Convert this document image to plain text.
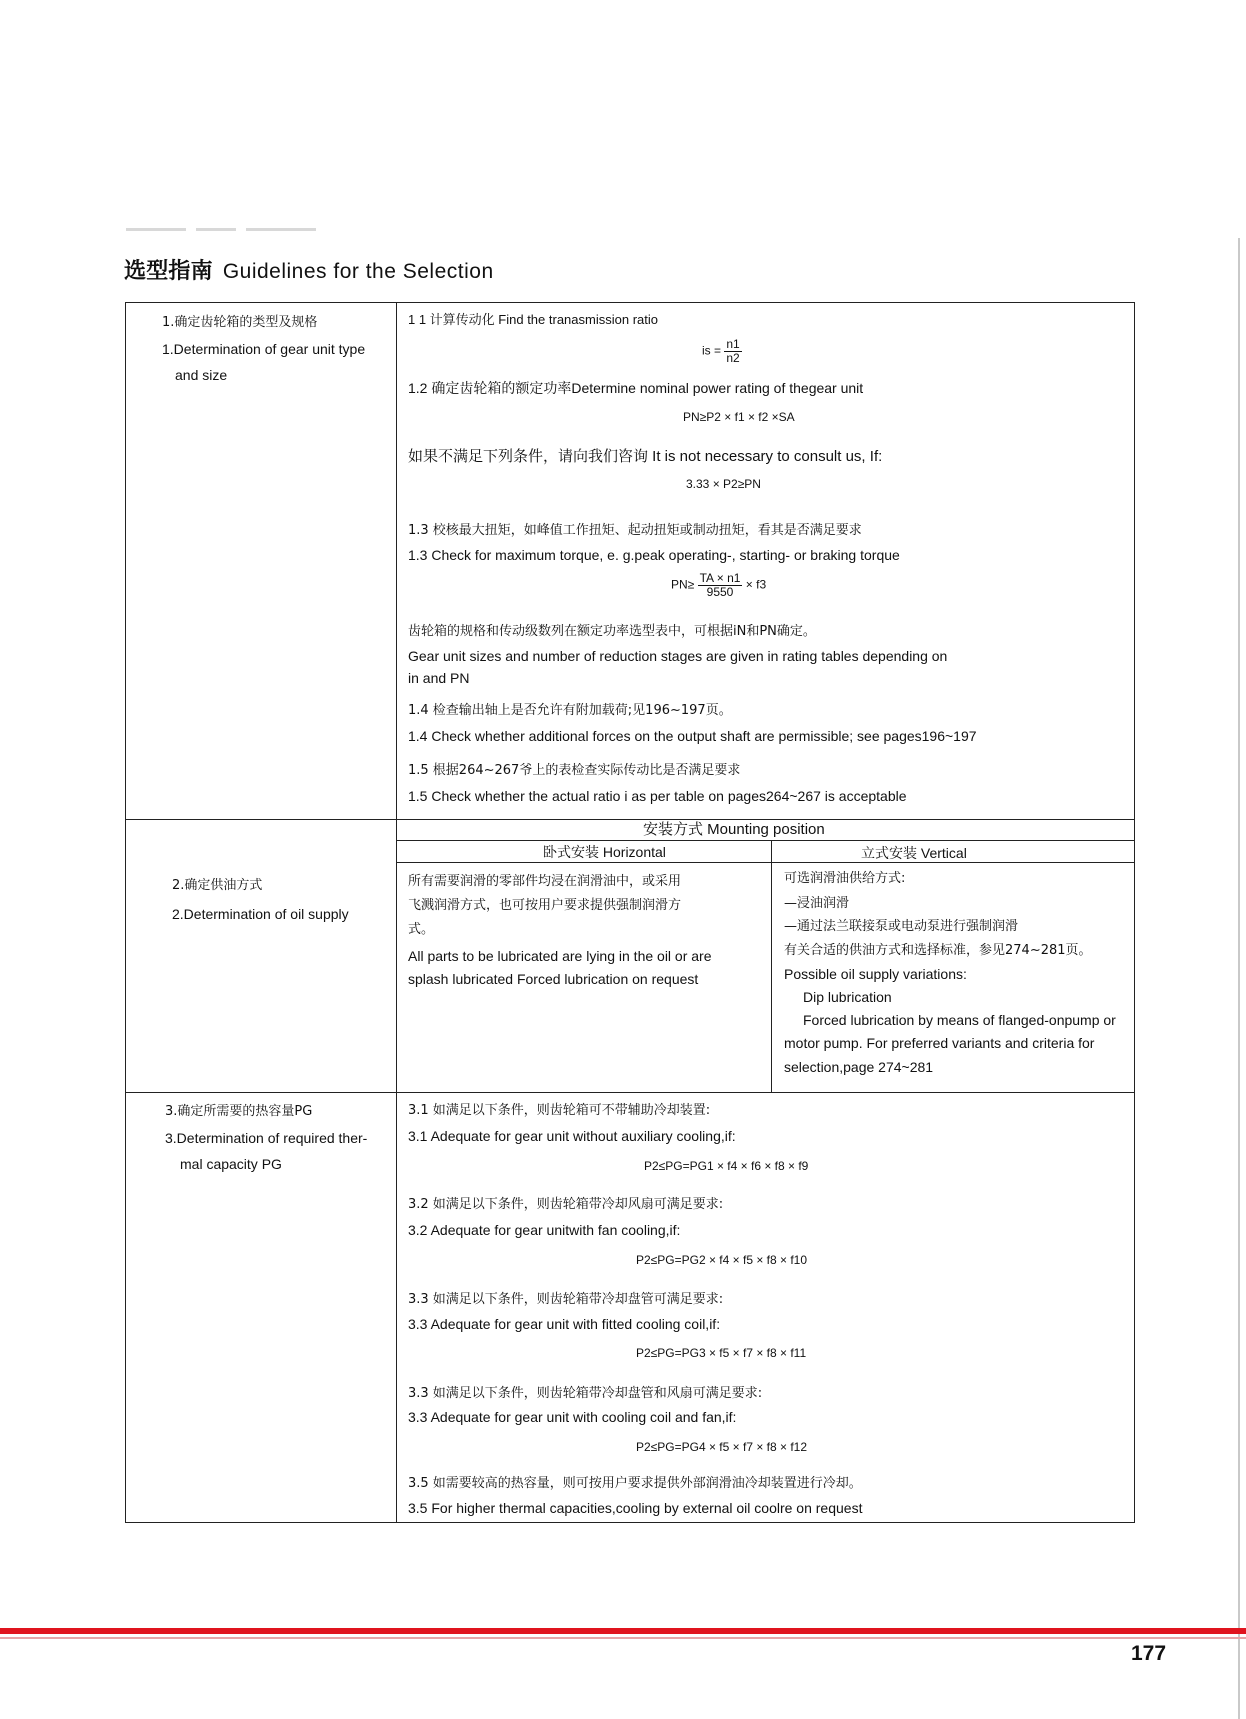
选型指南 Guidelines for the Selection
1.确定齿轮箱的类型及规格
1.Determination of gear unit type
and size
1 1 计算传动化 Find the tranasmission ratio
is = $\frac{n1}{n2}$
1.2 确定齿轮箱的额定功率Determine nominal power rating of thegear unit
PN≥P2 × f1 × f2 ×SA
如果不满足下列条件，请向我们咨询 It is not necessary to consult us, If:
3.33 × P2≥PN
1.3 校核最大扭矩，如峰值工作扭矩、起动扭矩或制动扭矩，看其是否满足要求
1.3 Check for maximum torque, e. g.peak operating-, starting- or braking torque
$PN\ge \frac{TA \times n1}{9550} \times f3$
齿轮箱的规格和传动级数列在额定功率选型表中，可根据iN和PN确定。
Gear unit sizes and number of reduction stages are given in rating tables depending on
in and PN
1.4 检查输出轴上是否允许有附加载荷;见196~197页。
1.4 Check whether additional forces on the output shaft are permissible; see pages196~197
1.5 根据264~267爷上的表检查实际传动比是否满足要求
1.5 Check whether the actual ratio i as per table on pages264~267 is acceptable
安装方式 Mounting position
卧式安装 Horizontal	立式安装 Vertical
2.确定供油方式
2.Determination of oil supply
所有需要润滑的零部件均浸在润滑油中，或采用
飞溅润滑方式，也可按用户要求提供强制润滑方
式。
All parts to be lubricated are lying in the oil or are
splash lubricated Forced lubrication on request
可选润滑油供给方式:
—浸油润滑
—通过法兰联接泵或电动泵进行强制润滑
有关合适的供油方式和选择标准，参见274~281页。
Possible oil supply variations:
Dip lubrication
Forced lubrication by means of flanged-onpump or
motor pump. For preferred variants and criteria for
selection,page 274~281
3.确定所需要的热容量PG
3.Determination of required ther-
mal capacity PG
3.1 如满足以下条件，则齿轮箱可不带辅助冷却装置:
3.1 Adequate for gear unit without auxiliary cooling,if:
P2≤PG=PG1 × f4 × f6 × f8 × f9
3.2 如满足以下条件，则齿轮箱带冷却风扇可满足要求:
3.2 Adequate for gear unitwith fan cooling,if:
P2≤PG=PG2 × f4 × f5 × f8 × f10
3.3 如满足以下条件，则齿轮箱带冷却盘管可满足要求:
3.3 Adequate for gear unit with fitted cooling coil,if:
P2≤PG=PG3 × f5 × f7 × f8 × f11
3.3 如满足以下条件，则齿轮箱带冷却盘管和风扇可满足要求:
3.3 Adequate for gear unit with cooling coil and fan,if:
P2≤PG=PG4 × f5 × f7 × f8 × f12
3.5 如需要较高的热容量，则可按用户要求提供外部润滑油冷却装置进行冷却。
3.5 For higher thermal capacities,cooling by external oil coolre on request
177
